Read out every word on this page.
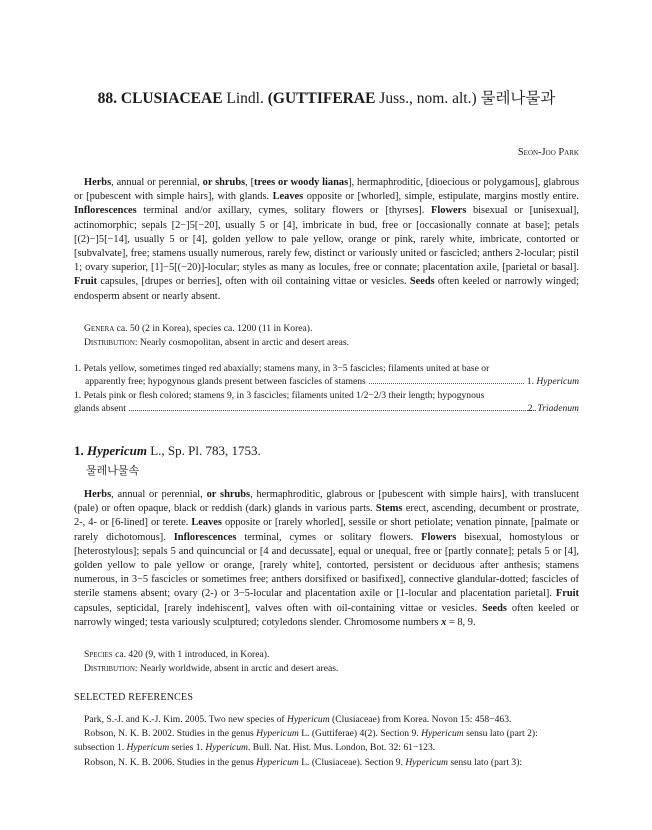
88. CLUSIACEAE Lindl. (GUTTIFERAE Juss., nom. alt.) 물레나물과
Seon-Joo Park

Herbs, annual or perennial, or shrubs, [trees or woody lianas], hermaphroditic, [dioecious or polygamous], glabrous or [pubescent with simple hairs], with glands. Leaves opposite or [whorled], simple, estipulate, margins mostly entire. Inflorescences terminal and/or axillary, cymes, solitary flowers or [thyrses]. Flowers bisexual or [unisexual], actinomorphic; sepals [2−]5[−20], usually 5 or [4], imbricate in bud, free or [occasionally connate at base]; petals [(2)−]5[−14], usually 5 or [4], golden yellow to pale yellow, orange or pink, rarely white, imbricate, contorted or [subvalvate], free; stamens usually numerous, rarely few, distinct or variously united or fascicled; anthers 2-locular; pistil 1; ovary superior, [1]−5[(−20)]-locular; styles as many as locules, free or connate; placentation axile, [parietal or basal]. Fruit capsules, [drupes or berries], often with oil containing vittae or vesicles. Seeds often keeled or narrowly winged; endosperm absent or nearly absent.

Genera ca. 50 (2 in Korea), species ca. 1200 (11 in Korea).
Distribution: Nearly cosmopolitan, absent in arctic and desert areas.
1. Petals yellow, sometimes tinged red abaxially; stamens many, in 3−5 fascicles; filaments united at base or
apparently free; hypogynous glands present between fascicles of stamens	1. Hypericum
1. Petals pink or flesh colored; stamens 9, in 3 fascicles; filaments united 1/2−2/3 their length; hypogynous
glands absent	2. Triadenum
1. Hypericum L., Sp. Pl. 783, 1753.
물레나물속

Herbs, annual or perennial, or shrubs, hermaphroditic, glabrous or [pubescent with simple hairs], with translucent (pale) or often opaque, black or reddish (dark) glands in various parts. Stems erect, ascending, decumbent or prostrate, 2-, 4- or [6-lined] or terete. Leaves opposite or [rarely whorled], sessile or short petiolate; venation pinnate, [palmate or rarely dichotomous]. Inflorescences terminal, cymes or solitary flowers. Flowers bisexual, homostylous or [heterostylous]; sepals 5 and quincuncial or [4 and decussate], equal or unequal, free or [partly connate]; petals 5 or [4], golden yellow to pale yellow or orange, [rarely white], contorted, persistent or deciduous after anthesis; stamens numerous, in 3−5 fascicles or sometimes free; anthers dorsifixed or basifixed], connective glandular-dotted; fascicles of sterile stamens absent; ovary (2-) or 3−5-locular and placentation axile or [1-locular and placentation parietal]. Fruit capsules, septicidal, [rarely indehiscent], valves often with oil-containing vittae or vesicles. Seeds often keeled or narrowly winged; testa variously sculptured; cotyledons slender. Chromosome numbers x = 8, 9.

Species ca. 420 (9, with 1 introduced, in Korea).
Distribution: Nearly worldwide, absent in arctic and desert areas.
SELECTED REFERENCES

Park, S.-J. and K.-J. Kim. 2005. Two new species of Hypericum (Clusiaceae) from Korea. Novon 15: 458−463.

Robson, N. K. B. 2002. Studies in the genus Hypericum L. (Guttiferae) 4(2). Section 9. Hypericum sensu lato (part 2): subsection 1. Hypericum series 1. Hypericum. Bull. Nat. Hist. Mus. London, Bot. 32: 61−123.

Robson, N. K. B. 2006. Studies in the genus Hypericum L. (Clusiaceae). Section 9. Hypericum sensu lato (part 3):
